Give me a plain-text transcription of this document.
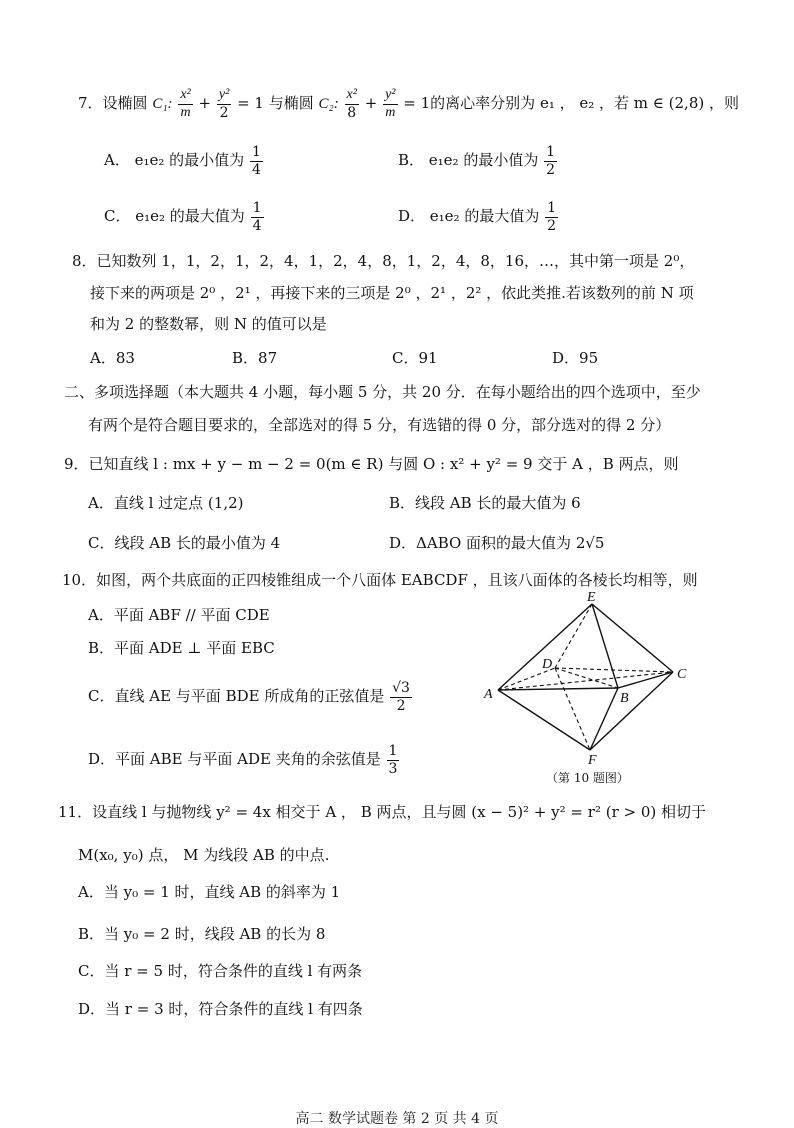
7．设椭圆 C₁: $\frac{\text{x²}}{m} + \frac{\text{y²}}{2} = 1$ 与椭圆 C₂: $\frac{\text{x²}}{8} + \frac{\text{y²}}{m} = 1$的离心率分别为 e₁ ， e₂ ，若 m ∈ (2,8) ，则
A． e₁e₂ 的最小值为 $\frac{1}{4}$	B． e₁e₂ 的最小值为 $\frac{1}{2}$
C． e₁e₂ 的最大值为 $\frac{1}{4}$	D． e₁e₂ 的最大值为 $\frac{1}{2}$
8．已知数列 1，1，2，1，2，4，1，2，4，8，1，2，4，8，16，…，其中第一项是 2⁰，
接下来的两项是 2⁰ ，2¹ ，再接下来的三项是 2⁰ ，2¹ ，2² ，依此类推.若该数列的前 N 项
和为 2 的整数幂，则 N 的值可以是
A．83	B．87	C．91	D．95
二、多项选择题（本大题共 4 小题，每小题 5 分，共 20 分．在每小题给出的四个选项中，至少
有两个是符合题目要求的，全部选对的得 5 分，有选错的得 0 分，部分选对的得 2 分）
9．已知直线 l : mx + y − m − 2 = 0(m ∈ R) 与圆 O : x² + y² = 9 交于 A ，B 两点，则
A．直线 l 过定点 (1,2)	B．线段 AB 长的最大值为 6
C．线段 AB 长的最小值为 4	D．ΔABO 面积的最大值为 2√5
10．如图，两个共底面的正四棱锥组成一个八面体 EABCDF ，且该八面体的各棱长均相等，则
A．平面 ABF // 平面 CDE
B．平面 ADE ⊥ 平面 EBC
C．直线 AE 与平面 BDE 所成角的正弦值是 $\frac{√3}{2}$
D．平面 ABE 与平面 ADE 夹角的余弦值是 $\frac{1}{3}$
E
D
C
A	B
F
（第 10 题图）
11．设直线 l 与抛物线 y² = 4x 相交于 A ， B 两点，且与圆 (x − 5)² + y² = r² (r > 0) 相切于
M(x₀, y₀) 点， M 为线段 AB 的中点.
A．当 y₀ = 1 时，直线 AB 的斜率为 1
B．当 y₀ = 2 时，线段 AB 的长为 8
C．当 r = 5 时，符合条件的直线 l 有两条
D．当 r = 3 时，符合条件的直线 l 有四条
高二 数学试题卷 第 2 页 共 4 页
